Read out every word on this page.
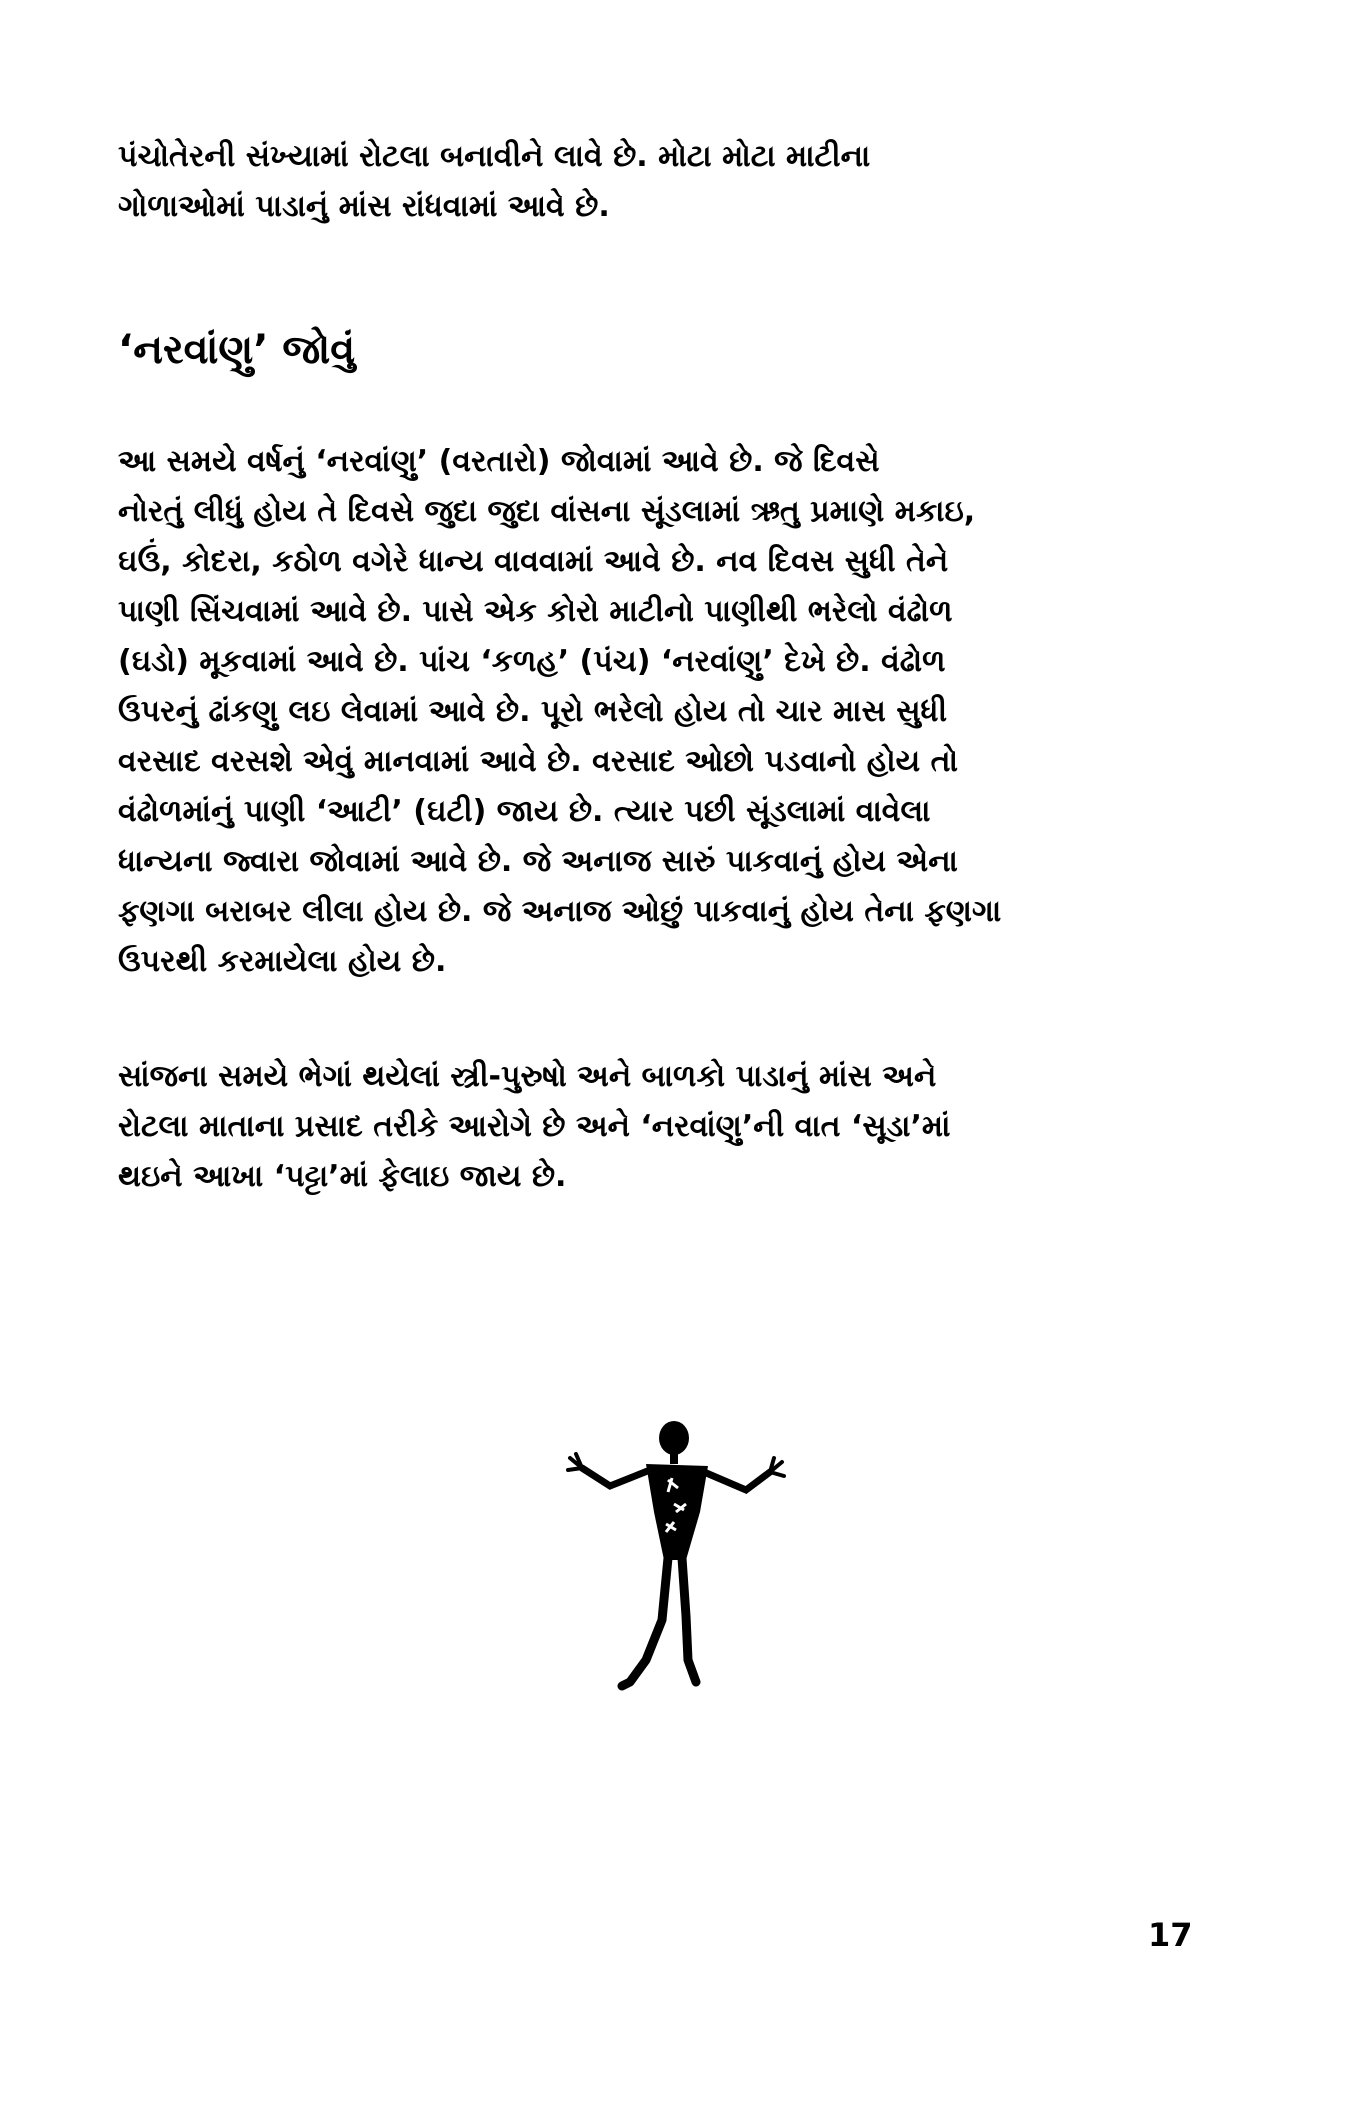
પંચોતેરની સંખ્યામાં રોટલા બનાવીને લાવે છે. મોટા મોટા માટીના
ગોળાઓમાં પાડાનું માંસ રાંધવામાં આવે છે.

‘નરવાંણુ’ જોવું

આ સમયે વર્ષનું ‘નરવાંણુ’ (વરતારો) જોવામાં આવે છે. જે દિવસે
નોરતું લીધું હોય તે દિવસે જુદા જુદા વાંસના સૂંડલામાં ઋતુ પ્રમાણે મકાઇ,
ઘઉં, કોદરા, કઠોળ વગેરે ધાન્ય વાવવામાં આવે છે. નવ દિવસ સુધી તેને
પાણી સિંચવામાં આવે છે. પાસે એક કોરો માટીનો પાણીથી ભરેલો વંઢોળ
(ઘડો) મૂકવામાં આવે છે. પાંચ ‘કળહ’ (પંચ) ‘નરવાંણુ’ દેખે છે. વંઢોળ
ઉપરનું ઢાંકણુ લઇ લેવામાં આવે છે. પૂરો ભરેલો હોય તો ચાર માસ સુધી
વરસાદ વરસશે એવું માનવામાં આવે છે. વરસાદ ઓછો પડવાનો હોય તો
વંઢોળમાંનું પાણી ‘આટી’ (ઘટી) જાય છે. ત્યાર પછી સૂંડલામાં વાવેલા
ધાન્યના જ્વારા જોવામાં આવે છે. જે અનાજ સારું પાકવાનું હોય એના
ફણગા બરાબર લીલા હોય છે. જે અનાજ ઓછું પાકવાનું હોય તેના ફણગા
ઉપરથી કરમાયેલા હોય છે.

સાંજના સમયે ભેગાં થયેલાં સ્ત્રી-પુરુષો અને બાળકો પાડાનું માંસ અને
રોટલા માતાના પ્રસાદ તરીકે આરોગે છે અને ‘નરવાંણુ’ની વાત ‘સૂડા’માં
થઇને આખા ‘પટ્ટા’માં ફેલાઇ જાય છે.

17
